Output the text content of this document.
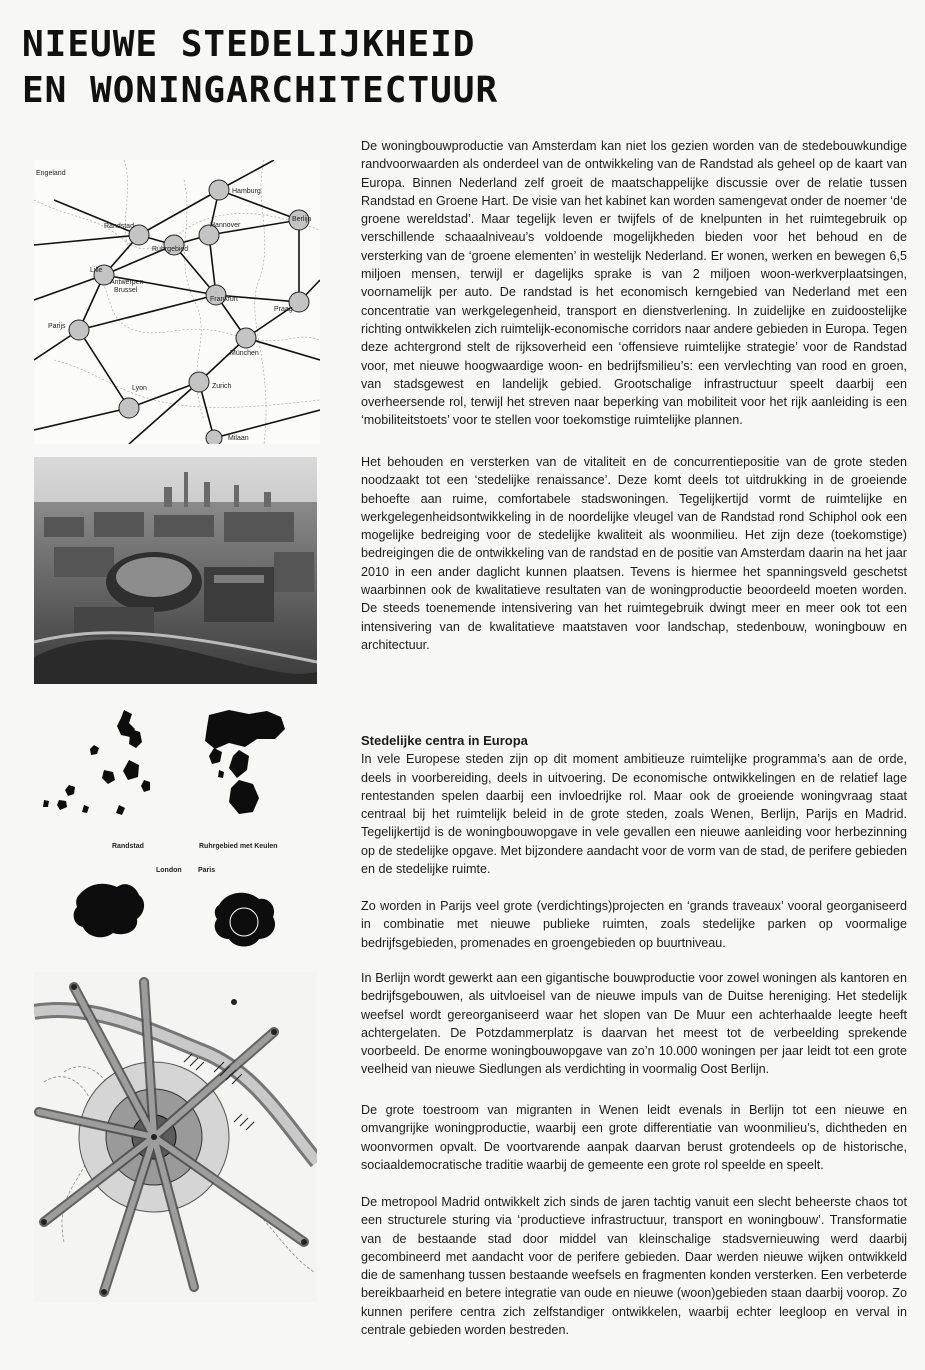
NIEUWE STEDELIJKHEID
EN WONINGARCHITECTUUR
Engeland
Hamburg
Randstad	Hannover
Berlijn
Ruhrgebied
Lille
Antwerpen
Brussel
Frankfurt
Praag
Parijs
München
Zurich
Lyon
Milaan
Randstad	Ruhrgebied met Keulen
London Paris

De woningbouwproductie van Amsterdam kan niet los gezien worden van de stedebouwkundige randvoorwaarden als onderdeel van de ontwikkeling van de Randstad als geheel op de kaart van Europa. Binnen Nederland zelf groeit de maatschappelijke discussie over de relatie tussen Randstad en Groene Hart. De visie van het kabinet kan worden samengevat onder de noemer ‘de groene wereldstad’. Maar tegelijk leven er twijfels of de knelpunten in het ruimtegebruik op verschillende schaaalniveau’s voldoende mogelijkheden bieden voor het behoud en de versterking van de ‘groene elementen’ in westelijk Nederland. Er wonen, werken en bewegen 6,5 miljoen mensen, terwijl er dagelijks sprake is van 2 miljoen woon-werkverplaatsingen, voornamelijk per auto. De randstad is het economisch kerngebied van Nederland met een concentratie van werkgelegenheid, transport en dienstverlening. In zuidelijke en zuidoostelijke richting ontwikkelen zich ruimtelijk-economische corridors naar andere gebieden in Europa. Tegen deze achtergrond stelt de rijksoverheid een ‘offensieve ruimtelijke strategie’ voor de Randstad voor, met nieuwe hoogwaardige woon- en bedrijfsmilieu’s: een vervlechting van rood en groen, van stadsgewest en landelijk gebied. Grootschalige infrastructuur speelt daarbij een overheersende rol, terwijl het streven naar beperking van mobiliteit voor het rijk aanleiding is een ‘mobiliteitstoets’ voor te stellen voor toekomstige ruimtelijke plannen.

Het behouden en versterken van de vitaliteit en de concurrentiepositie van de grote steden noodzaakt tot een ‘stedelijke renaissance’. Deze komt deels tot uitdrukking in de groeiende behoefte aan ruime, comfortabele stadswoningen. Tegelijkertijd vormt de ruimtelijke en werkgelegenheidsontwikkeling in de noordelijke vleugel van de Randstad rond Schiphol ook een mogelijke bedreiging voor de stedelijke kwaliteit als woonmilieu. Het zijn deze (toekomstige) bedreigingen die de ontwikkeling van de randstad en de positie van Amsterdam daarin na het jaar 2010 in een ander daglicht kunnen plaatsen. Tevens is hiermee het spanningsveld geschetst waarbinnen ook de kwalitatieve resultaten van de woningproductie beoordeeld moeten worden. De steeds toenemende intensivering van het ruimtegebruik dwingt meer en meer ook tot een intensivering van de kwalitatieve maatstaven voor landschap, stedenbouw, woningbouw en architectuur.

Stedelijke centra in Europa

In vele Europese steden zijn op dit moment ambitieuze ruimtelijke programma’s aan de orde, deels in voorbereiding, deels in uitvoering. De economische ontwikkelingen en de relatief lage rentestanden spelen daarbij een invloedrijke rol. Maar ook de groeiende woningvraag staat centraal bij het ruimtelijk beleid in de grote steden, zoals Wenen, Berlijn, Parijs en Madrid. Tegelijkertijd is de woningbouwopgave in vele gevallen een nieuwe aanleiding voor herbezinning op de stedelijke opgave. Met bijzondere aandacht voor de vorm van de stad, de perifere gebieden en de stedelijke ruimte.

Zo worden in Parijs veel grote (verdichtings)projecten en ‘grands traveaux’ vooral georganiseerd in combinatie met nieuwe publieke ruimten, zoals stedelijke parken op voormalige bedrijfsgebieden, promenades en groengebieden op buurtniveau.

In Berlijn wordt gewerkt aan een gigantische bouwproductie voor zowel woningen als kantoren en bedrijfsgebouwen, als uitvloeisel van de nieuwe impuls van de Duitse hereniging. Het stedelijk weefsel wordt gereorganiseerd waar het slopen van De Muur een achterhaalde leegte heeft achtergelaten. De Potzdammerplatz is daarvan het meest tot de verbeelding sprekende voorbeeld. De enorme woningbouwopgave van zo’n 10.000 woningen per jaar leidt tot een grote veelheid van nieuwe Siedlungen als verdichting in voormalig Oost Berlijn.

De grote toestroom van migranten in Wenen leidt evenals in Berlijn tot een nieuwe en omvangrijke woningproductie, waarbij een grote differentiatie van woonmilieu’s, dichtheden en woonvormen opvalt. De voortvarende aanpak daarvan berust grotendeels op de historische, sociaaldemocratische traditie waarbij de gemeente een grote rol speelde en speelt.

De metropool Madrid ontwikkelt zich sinds de jaren tachtig vanuit een slecht beheerste chaos tot een structurele sturing via ‘productieve infrastructuur, transport en woningbouw’. Transformatie van de bestaande stad door middel van kleinschalige stadsvernieuwing werd daarbij gecombineerd met aandacht voor de perifere gebieden. Daar werden nieuwe wijken ontwikkeld die de samenhang tussen bestaande weefsels en fragmenten konden versterken. Een verbeterde bereikbaarheid en betere integratie van oude en nieuwe (woon)gebieden staan daarbij voorop. Zo kunnen perifere centra zich zelfstandiger ontwikkelen, waarbij echter leegloop en verval in centrale gebieden worden bestreden.
